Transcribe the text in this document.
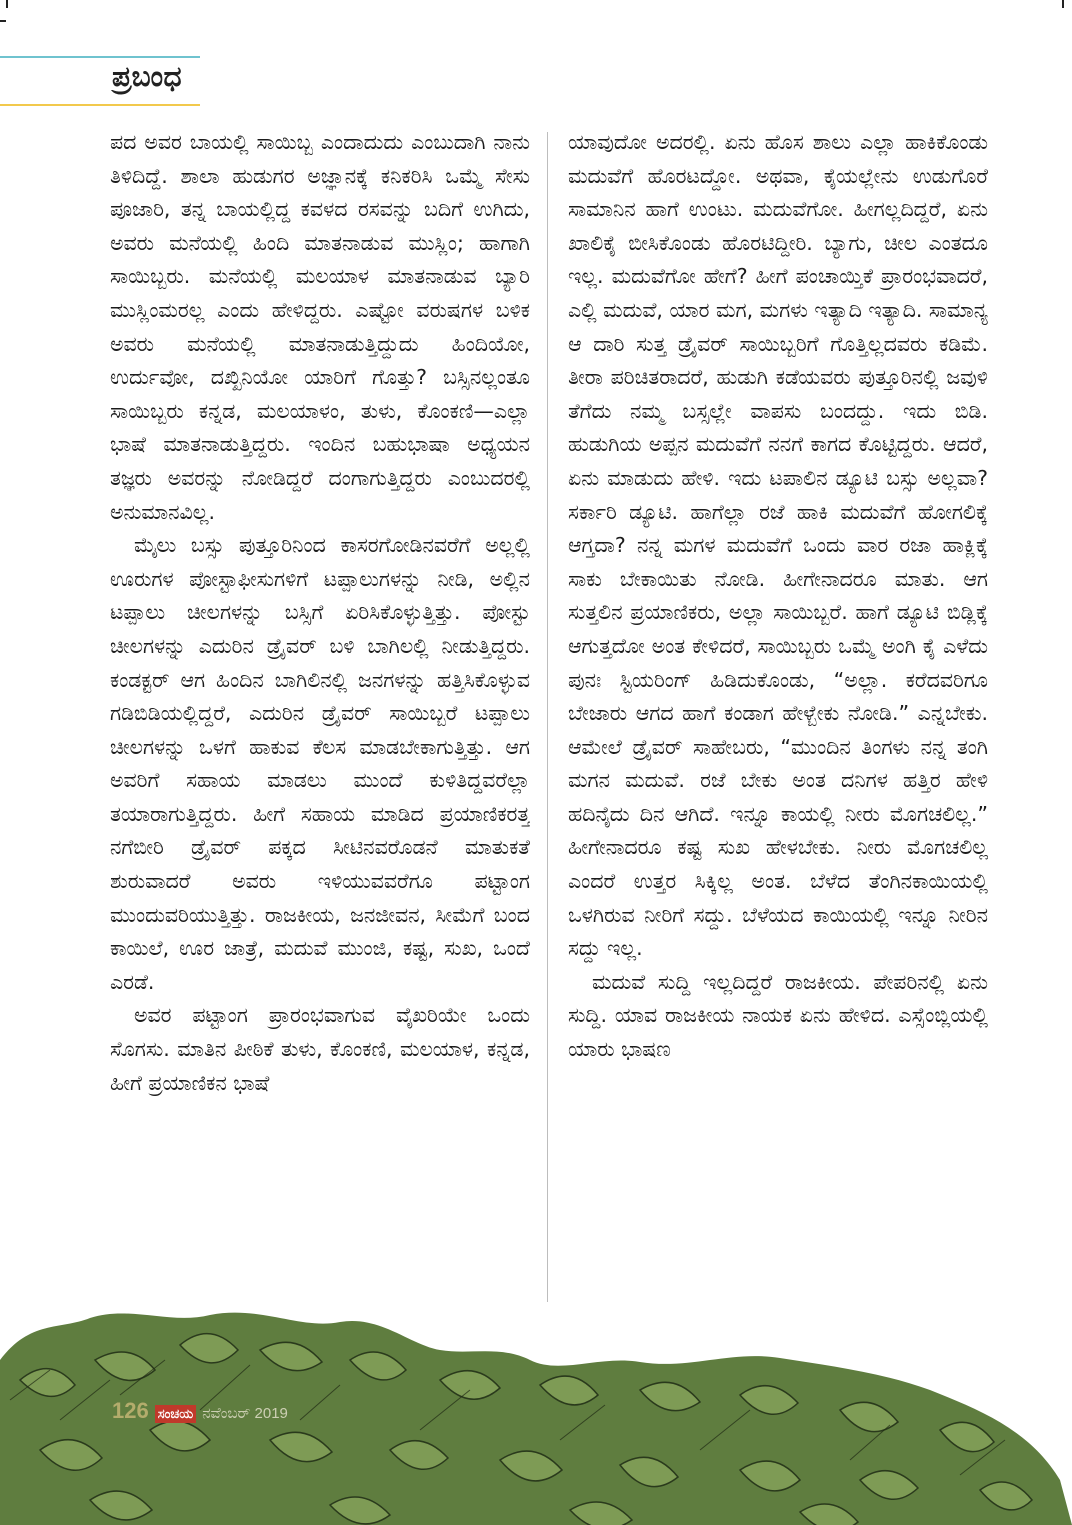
ಪ್ರಬಂಧ

ಪದ ಅವರ ಬಾಯಲ್ಲಿ ಸಾಯಿಬ್ಬ ಎಂದಾದುದು ಎಂಬುದಾಗಿ ನಾನು ತಿಳಿದಿದ್ದೆ. ಶಾಲಾ ಹುಡುಗರ ಅಜ್ಞಾನಕ್ಕೆ ಕನಿಕರಿಸಿ ಒಮ್ಮೆ ಸೇಸು ಪೂಜಾರಿ, ತನ್ನ ಬಾಯಲ್ಲಿದ್ದ ಕವಳದ ರಸವನ್ನು ಬದಿಗೆ ಉಗಿದು, ಅವರು ಮನೆಯಲ್ಲಿ ಹಿಂದಿ ಮಾತನಾಡುವ ಮುಸ್ಲಿಂ; ಹಾಗಾಗಿ ಸಾಯಿಬ್ಬರು. ಮನೆಯಲ್ಲಿ ಮಲಯಾಳ ಮಾತನಾಡುವ ಬ್ಯಾರಿ ಮುಸ್ಲಿಂಮರಲ್ಲ ಎಂದು ಹೇಳಿದ್ದರು. ಎಷ್ಟೋ ವರುಷಗಳ ಬಳಿಕ ಅವರು ಮನೆಯಲ್ಲಿ ಮಾತನಾಡುತ್ತಿದ್ದುದು ಹಿಂದಿಯೋ, ಉರ್ದುವೋ, ದಖ್ಖಿನಿಯೋ ಯಾರಿಗೆ ಗೊತ್ತು? ಬಸ್ಸಿನಲ್ಲಂತೂ ಸಾಯಿಬ್ಬರು ಕನ್ನಡ, ಮಲಯಾಳಂ, ತುಳು, ಕೊಂಕಣಿ—ಎಲ್ಲಾ ಭಾಷೆ ಮಾತನಾಡುತ್ತಿದ್ದರು. ಇಂದಿನ ಬಹುಭಾಷಾ ಅಧ್ಯಯನ ತಜ್ಞರು ಅವರನ್ನು ನೋಡಿದ್ದರೆ ದಂಗಾಗುತ್ತಿದ್ದರು ಎಂಬುದರಲ್ಲಿ ಅನುಮಾನವಿಲ್ಲ.

ಮೈಲು ಬಸ್ಸು ಪುತ್ತೂರಿನಿಂದ ಕಾಸರಗೋಡಿನವರೆಗೆ ಅಲ್ಲಲ್ಲಿ ಊರುಗಳ ಪೋಸ್ಟಾಫೀಸುಗಳಿಗೆ ಟಪ್ಪಾಲುಗಳನ್ನು ನೀಡಿ, ಅಲ್ಲಿನ ಟಪ್ಪಾಲು ಚೀಲಗಳನ್ನು ಬಸ್ಸಿಗೆ ಏರಿಸಿಕೊಳ್ಳುತ್ತಿತ್ತು. ಪೋಸ್ಟು ಚೀಲಗಳನ್ನು ಎದುರಿನ ಡ್ರೈವರ್ ಬಳಿ ಬಾಗಿಲಲ್ಲಿ ನೀಡುತ್ತಿದ್ದರು. ಕಂಡಕ್ಟರ್ ಆಗ ಹಿಂದಿನ ಬಾಗಿಲಿನಲ್ಲಿ ಜನಗಳನ್ನು ಹತ್ತಿಸಿಕೊಳ್ಳುವ ಗಡಿಬಿಡಿಯಲ್ಲಿದ್ದರೆ, ಎದುರಿನ ಡ್ರೈವರ್ ಸಾಯಿಬ್ಬರೆ ಟಪ್ಪಾಲು ಚೀಲಗಳನ್ನು ಒಳಗೆ ಹಾಕುವ ಕೆಲಸ ಮಾಡಬೇಕಾಗುತ್ತಿತ್ತು. ಆಗ ಅವರಿಗೆ ಸಹಾಯ ಮಾಡಲು ಮುಂದೆ ಕುಳಿತಿದ್ದವರೆಲ್ಲಾ ತಯಾರಾಗುತ್ತಿದ್ದರು. ಹೀಗೆ ಸಹಾಯ ಮಾಡಿದ ಪ್ರಯಾಣಿಕರತ್ತ ನಗೆಬೀರಿ ಡ್ರೈವರ್ ಪಕ್ಕದ ಸೀಟಿನವರೊಡನೆ ಮಾತುಕತೆ ಶುರುವಾದರೆ ಅವರು ಇಳಿಯುವವರೆಗೂ ಪಟ್ಟಾಂಗ ಮುಂದುವರಿಯುತ್ತಿತ್ತು. ರಾಜಕೀಯ, ಜನಜೀವನ, ಸೀಮೆಗೆ ಬಂದ ಕಾಯಿಲೆ, ಊರ ಜಾತ್ರೆ, ಮದುವೆ ಮುಂಜಿ, ಕಷ್ಟ, ಸುಖ, ಒಂದೆ ಎರಡೆ.

ಅವರ ಪಟ್ಟಾಂಗ ಪ್ರಾರಂಭವಾಗುವ ವೈಖರಿಯೇ ಒಂದು ಸೊಗಸು. ಮಾತಿನ ಪೀಠಿಕೆ ತುಳು, ಕೊಂಕಣಿ, ಮಲಯಾಳ, ಕನ್ನಡ, ಹೀಗೆ ಪ್ರಯಾಣಿಕನ ಭಾಷೆ

ಯಾವುದೋ ಅದರಲ್ಲಿ. ಏನು ಹೊಸ ಶಾಲು ಎಲ್ಲಾ ಹಾಕಿಕೊಂಡು ಮದುವೆಗೆ ಹೊರಟದ್ದೋ. ಅಥವಾ, ಕೈಯಲ್ಲೇನು ಉಡುಗೊರೆ ಸಾಮಾನಿನ ಹಾಗೆ ಉಂಟು. ಮದುವೆಗೋ. ಹೀಗಲ್ಲದಿದ್ದರೆ, ಏನು ಖಾಲಿಕೈ ಬೀಸಿಕೊಂಡು ಹೊರಟಿದ್ದೀರಿ. ಬ್ಯಾಗು, ಚೀಲ ಎಂತದೂ ಇಲ್ಲ. ಮದುವೆಗೋ ಹೇಗೆ? ಹೀಗೆ ಪಂಚಾಯ್ತಿಕೆ ಪ್ರಾರಂಭವಾದರೆ, ಎಲ್ಲಿ ಮದುವೆ, ಯಾರ ಮಗ, ಮಗಳು ಇತ್ಯಾದಿ ಇತ್ಯಾದಿ. ಸಾಮಾನ್ಯ ಆ ದಾರಿ ಸುತ್ತ ಡ್ರೈವರ್ ಸಾಯಿಬ್ಬರಿಗೆ ಗೊತ್ತಿಲ್ಲದವರು ಕಡಿಮೆ. ತೀರಾ ಪರಿಚಿತರಾದರೆ, ಹುಡುಗಿ ಕಡೆಯವರು ಪುತ್ತೂರಿನಲ್ಲಿ ಜವುಳಿ ತೆಗೆದು ನಮ್ಮ ಬಸ್ಸಲ್ಲೇ ವಾಪಸು ಬಂದದ್ದು. ಇದು ಬಿಡಿ. ಹುಡುಗಿಯ ಅಪ್ಪನ ಮದುವೆಗೆ ನನಗೆ ಕಾಗದ ಕೊಟ್ಟಿದ್ದರು. ಆದರೆ, ಏನು ಮಾಡುದು ಹೇಳಿ. ಇದು ಟಪಾಲಿನ ಡ್ಯೂಟಿ ಬಸ್ಸು ಅಲ್ಲವಾ? ಸರ್ಕಾರಿ ಡ್ಯೂಟಿ. ಹಾಗೆಲ್ಲಾ ರಜೆ ಹಾಕಿ ಮದುವೆಗೆ ಹೋಗಲಿಕ್ಕೆ ಆಗ್ತದಾ? ನನ್ನ ಮಗಳ ಮದುವೆಗೆ ಒಂದು ವಾರ ರಜಾ ಹಾಕ್ಲಿಕ್ಕೆ ಸಾಕು ಬೇಕಾಯಿತು ನೋಡಿ. ಹೀಗೇನಾದರೂ ಮಾತು. ಆಗ ಸುತ್ತಲಿನ ಪ್ರಯಾಣಿಕರು, ಅಲ್ಲಾ ಸಾಯಿಬ್ಬರೆ. ಹಾಗೆ ಡ್ಯೂಟಿ ಬಿಡ್ಲಿಕ್ಕೆ ಆಗುತ್ತದೋ ಅಂತ ಕೇಳಿದರೆ, ಸಾಯಿಬ್ಬರು ಒಮ್ಮೆ ಅಂಗಿ ಕೈ ಎಳೆದು ಪುನಃ ಸ್ಟಿಯರಿಂಗ್ ಹಿಡಿದುಕೊಂಡು, “ಅಲ್ಲಾ. ಕರೆದವರಿಗೂ ಬೇಜಾರು ಆಗದ ಹಾಗೆ ಕಂಡಾಗ ಹೇಳ್ಬೇಕು ನೋಡಿ.” ಎನ್ನಬೇಕು. ಆಮೇಲೆ ಡ್ರೈವರ್ ಸಾಹೇಬರು, “ಮುಂದಿನ ತಿಂಗಳು ನನ್ನ ತಂಗಿ ಮಗನ ಮದುವೆ. ರಜೆ ಬೇಕು ಅಂತ ದನಿಗಳ ಹತ್ತಿರ ಹೇಳಿ ಹದಿನೈದು ದಿನ ಆಗಿದೆ. ಇನ್ನೂ ಕಾಯಲ್ಲಿ ನೀರು ಮೊಗಚಲಿಲ್ಲ.” ಹೀಗೇನಾದರೂ ಕಷ್ಟ ಸುಖ ಹೇಳಬೇಕು. ನೀರು ಮೊಗಚಲಿಲ್ಲ ಎಂದರೆ ಉತ್ತರ ಸಿಕ್ಕಿಲ್ಲ ಅಂತ. ಬೆಳೆದ ತೆಂಗಿನಕಾಯಿಯಲ್ಲಿ ಒಳಗಿರುವ ನೀರಿಗೆ ಸದ್ದು. ಬೆಳೆಯದ ಕಾಯಿಯಲ್ಲಿ ಇನ್ನೂ ನೀರಿನ ಸದ್ದು ಇಲ್ಲ.

ಮದುವೆ ಸುದ್ದಿ ಇಲ್ಲದಿದ್ದರೆ ರಾಜಕೀಯ. ಪೇಪರಿನಲ್ಲಿ ಏನು ಸುದ್ದಿ. ಯಾವ ರಾಜಕೀಯ ನಾಯಕ ಏನು ಹೇಳಿದ. ಎಸ್ಸೆಂಬ್ಲಿಯಲ್ಲಿ ಯಾರು ಭಾಷಣ

126 ಸಂಚಯ ನವೆಂಬರ್ 2019
